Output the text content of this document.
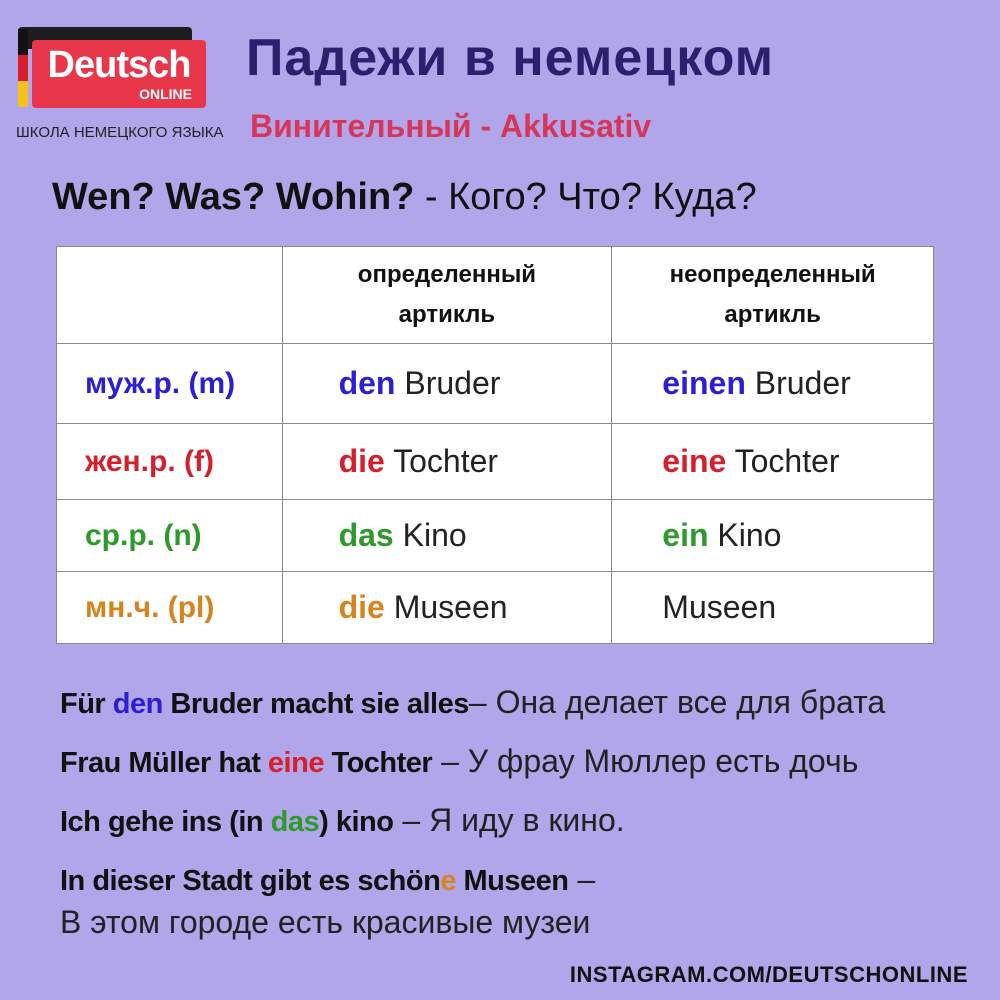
Deutsch
ONLINE
ШКОЛА НЕМЕЦКОГО ЯЗЫКА
Падежи в немецком
Винительный - Akkusativ
Wen? Was? Wohin? - Кого? Что? Куда?
	определенный артикль	неопределенный артикль
муж.р. (m)	den Bruder	einen Bruder
жен.р. (f)	die Tochter	eine Tochter
ср.р. (n)	das Kino	ein Kino
мн.ч. (pl)	die Museen	Museen
Für den Bruder macht sie alles– Она делает все для брата
Frau Müller hat eine Tochter – У фрау Мюллер есть дочь
Ich gehe ins (in das) kino – Я иду в кино.
In dieser Stadt gibt es schöne Museen –
В этом городе есть красивые музеи
INSTAGRAM.COM/DEUTSCHONLINE
